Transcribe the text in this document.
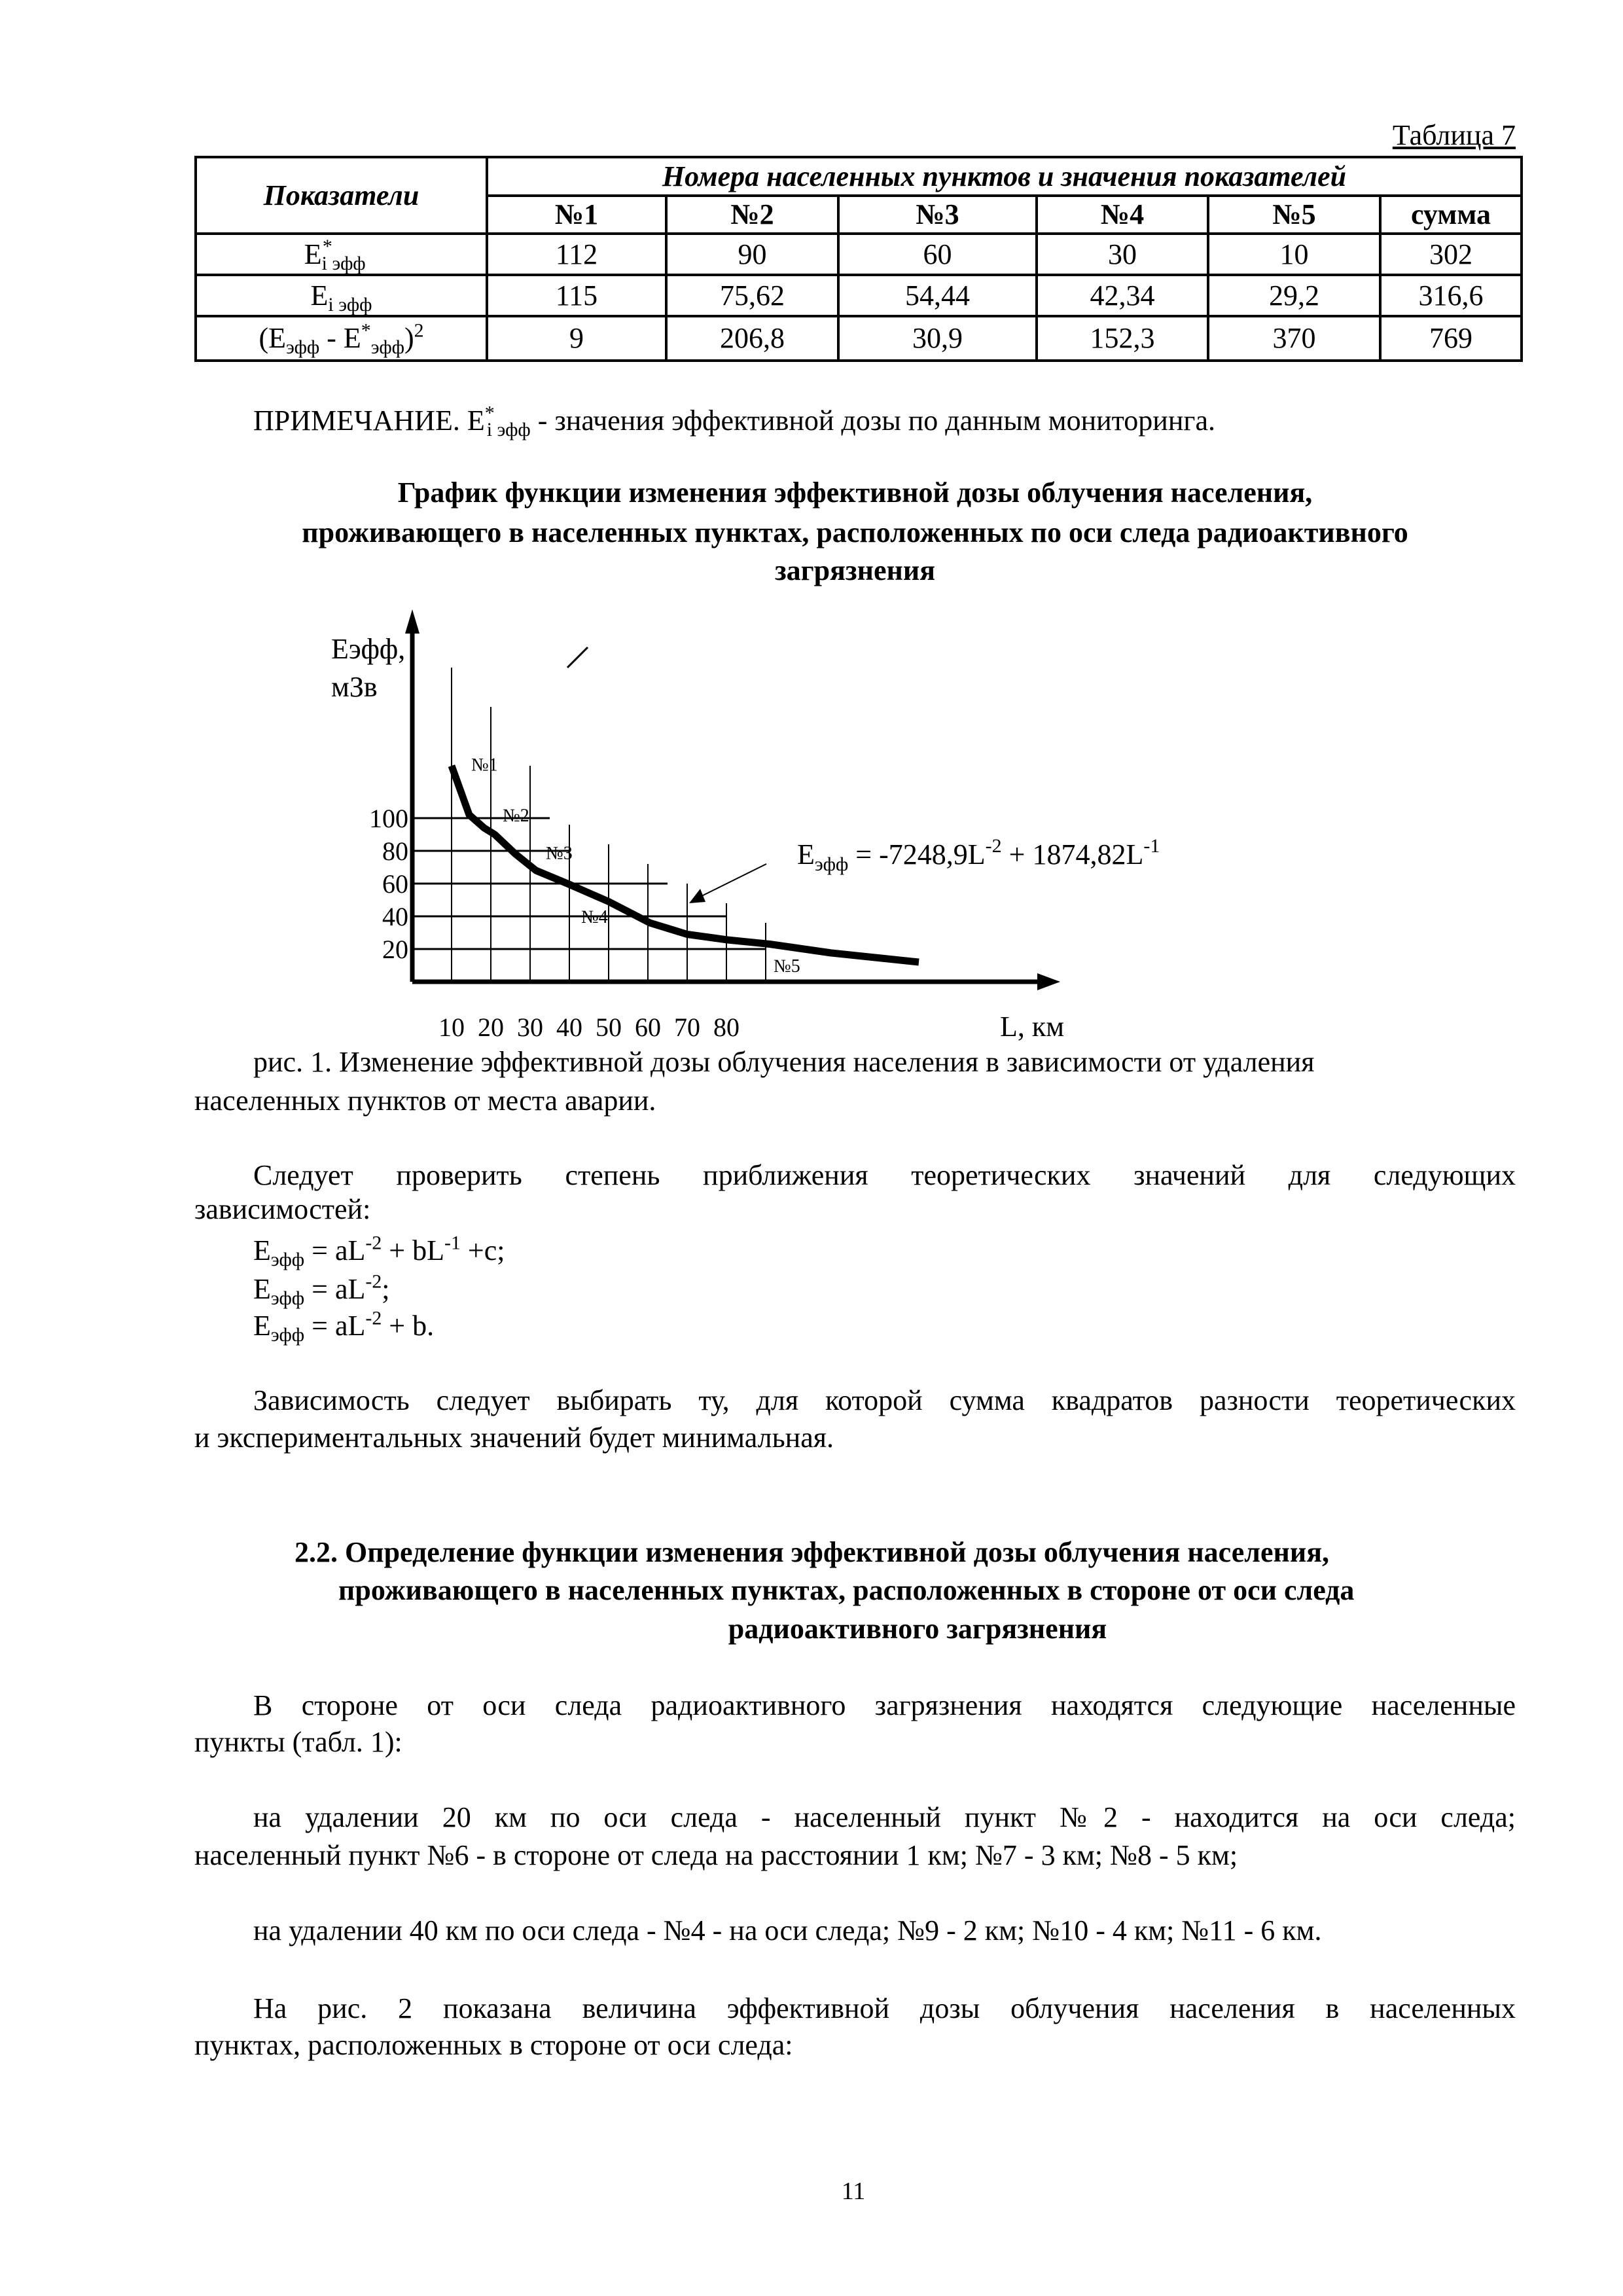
Таблица 7
Показатели	Номера населенных пунктов и значения показателей					
	№1	№2	№3	№4	№5	сумма
$E_{i эфф}^*$	112	90	60	30	10	302
$E_{i эфф}$	115	75,62	54,44	42,34	29,2	316,6
$(E_{эфф} - E^*_{эфф})^2$	9	206,8	30,9	152,3	370	769
ПРИМЕЧАНИЕ. $E^*_{i эфф}$ - значения эффективной дозы по данным мониторинга.
График функции изменения эффективной дозы облучения населения,
проживающего в населенных пунктах, расположенных по оси следа радиоактивного
загрязнения
20
40
60
80
100
10 20 30 40 50 60 70 80
№1
№2
№3
№4
№5
Eэфф,
мЗв
L, км
$E_{эфф} = -7248,9L^{-2} + 1874,82L^{-1}$
рис. 1. Изменение эффективной дозы облучения населения в зависимости от удаления
населенных пунктов от места аварии.
Следует проверить степень приближения теоретических значений для следующих
зависимостей:
$E_{эфф} = aL^{-2} + bL^{-1} +c$;
$E_{эфф} = aL^{-2}$;
$E_{эфф} = aL^{-2} + b$.
Зависимость следует выбирать ту, для которой сумма квадратов разности теоретических
и экспериментальных значений будет минимальная.
2.2. Определение функции изменения эффективной дозы облучения населения,
проживающего в населенных пунктах, расположенных в стороне от оси следа
радиоактивного загрязнения
В стороне от оси следа радиоактивного загрязнения находятся следующие населенные
пункты (табл. 1):
на удалении 20 км по оси следа - населенный пункт №2 - находится на оси следа;
населенный пункт №6 - в стороне от следа на расстоянии 1 км; №7 - 3 км; №8 - 5 км;
на удалении 40 км по оси следа - №4 - на оси следа; №9 - 2 км; №10 - 4 км; №11 - 6 км.
На рис. 2 показана величина эффективной дозы облучения населения в населенных
пунктах, расположенных в стороне от оси следа:
11
